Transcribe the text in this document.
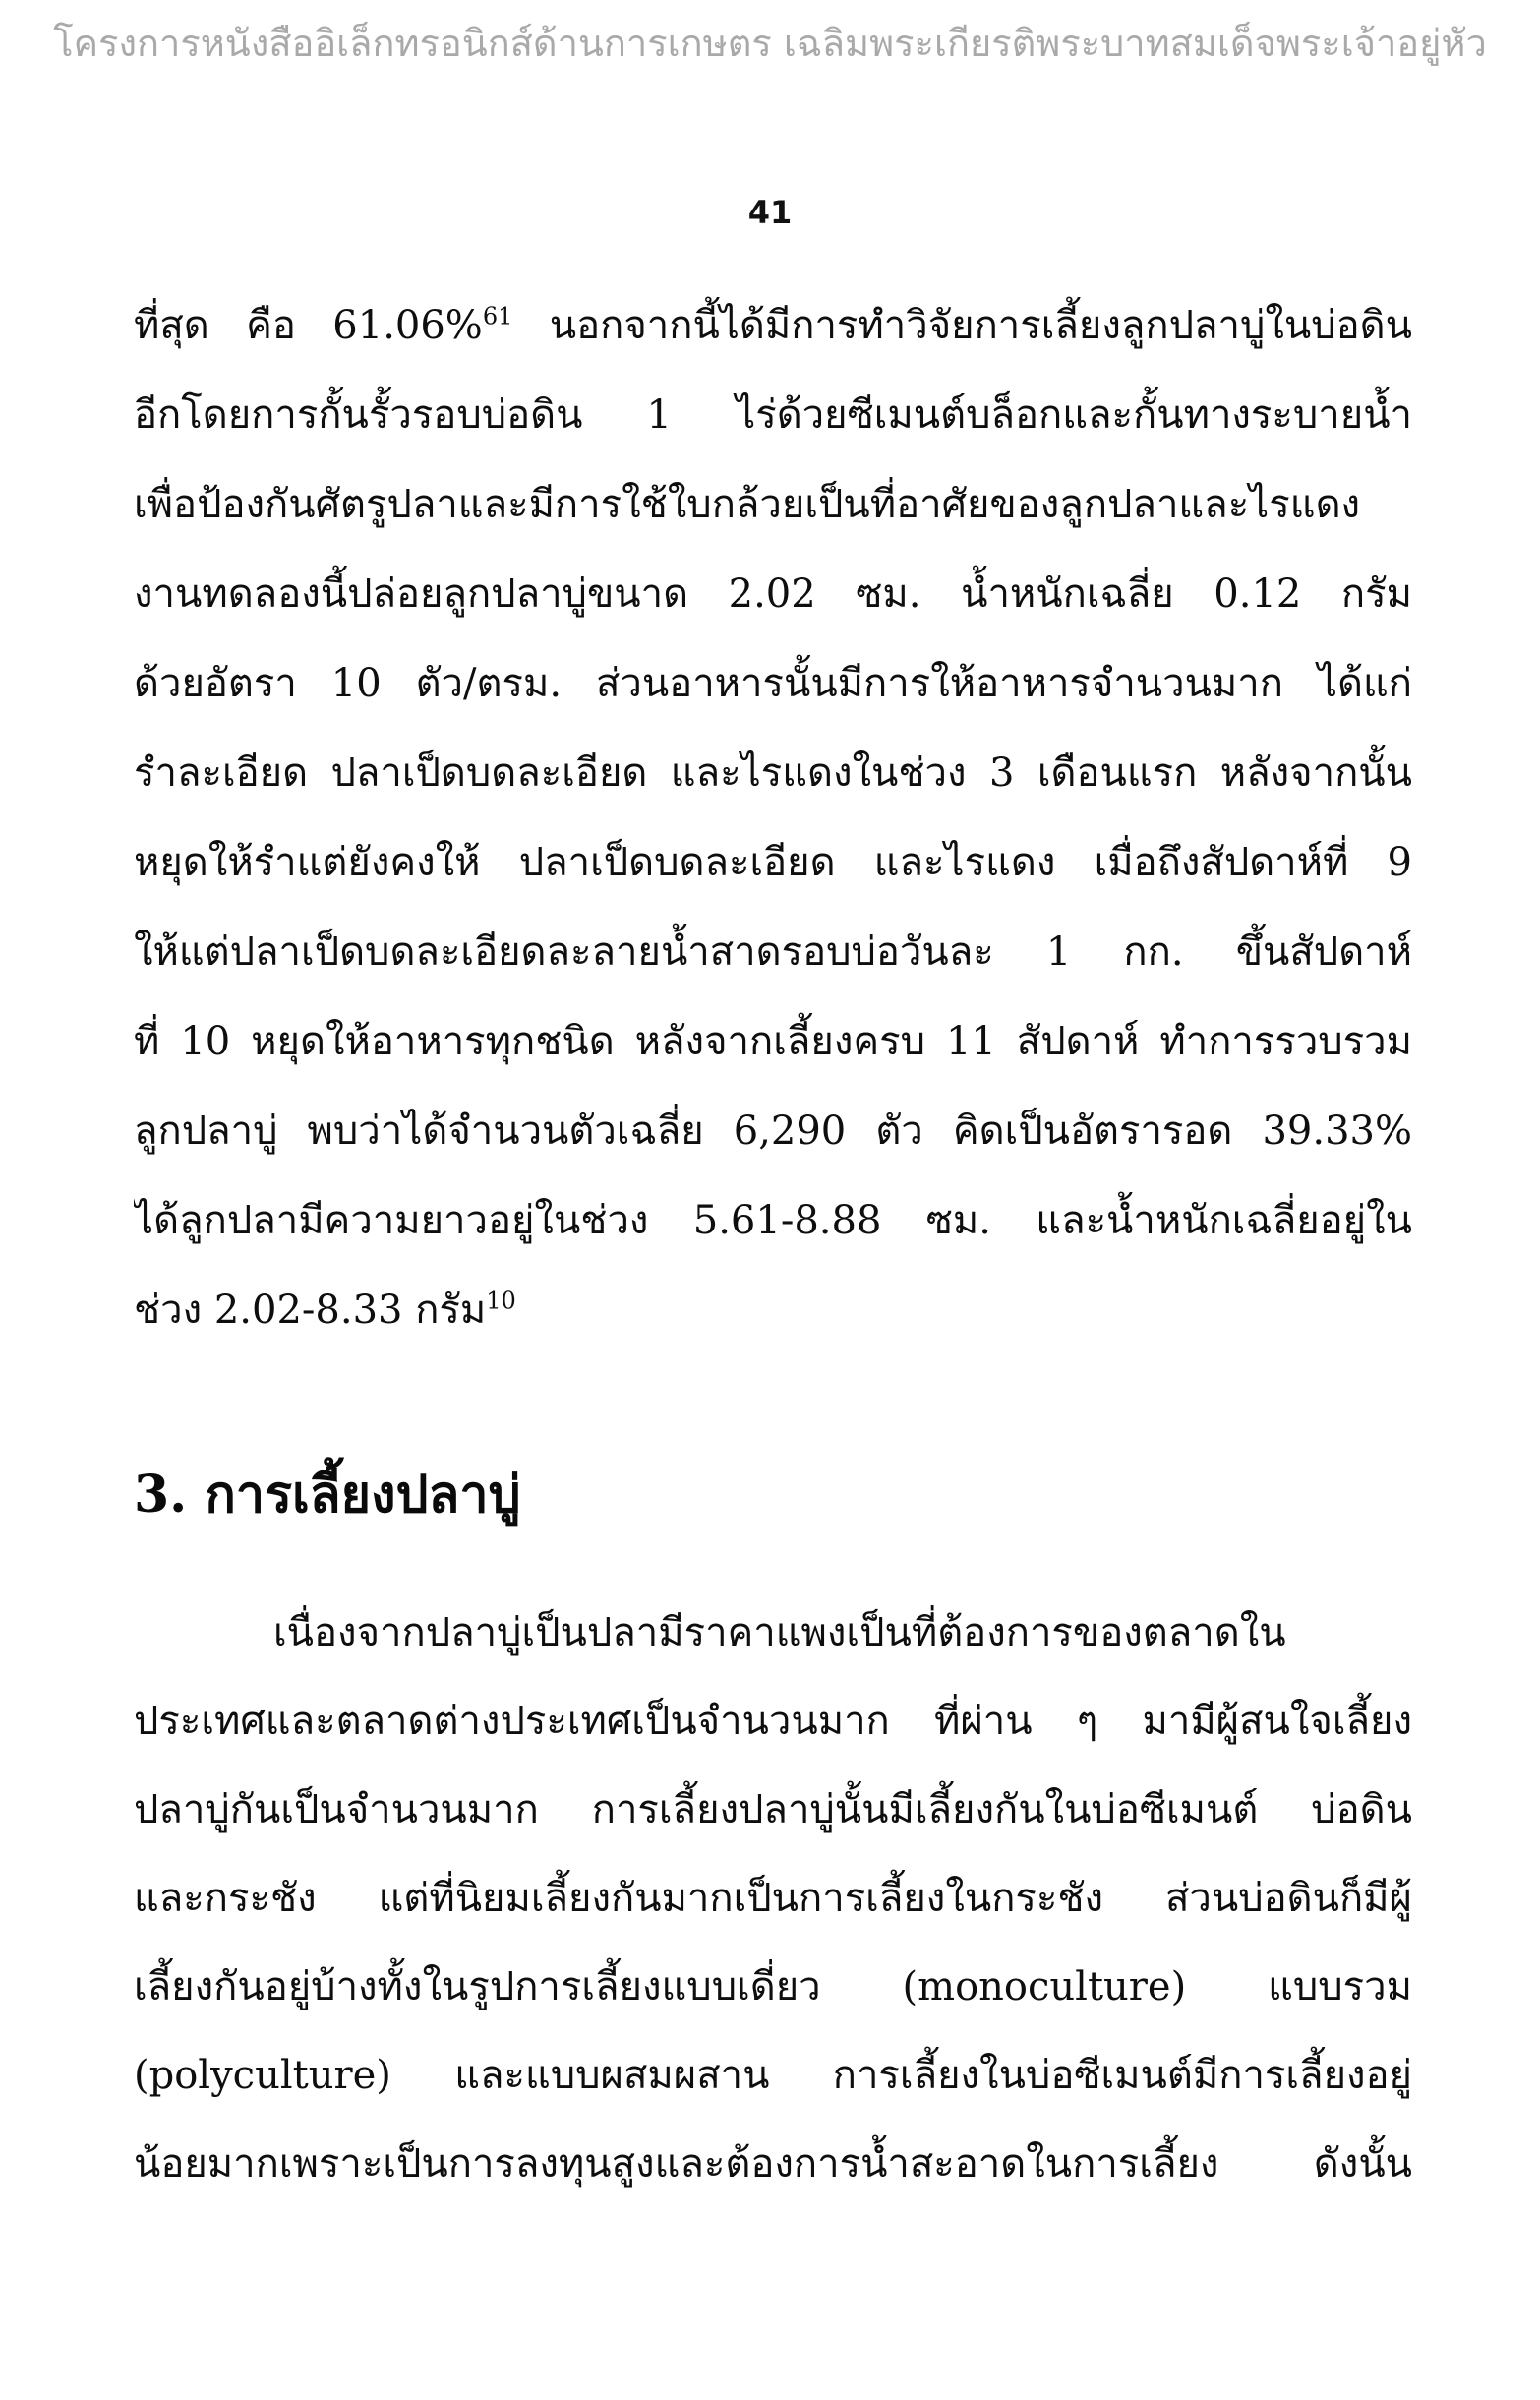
โครงการหนังสืออิเล็กทรอนิกส์ด้านการเกษตร เฉลิมพระเกียรติพระบาทสมเด็จพระเจ้าอยู่หัว
41
ที่สุด คือ 61.06%$^{61}$ นอกจากนี้ได้มีการทำวิจัยการเลี้ยงลูกปลาบู่ในบ่อดิน
อีกโดยการกั้นรั้วรอบบ่อดิน 1 ไร่ด้วยซีเมนต์บล็อกและกั้นทางระบายน้ำ
เพื่อป้องกันศัตรูปลาและมีการใช้ใบกล้วยเป็นที่อาศัยของลูกปลาและไรแดง
งานทดลองนี้ปล่อยลูกปลาบู่ขนาด 2.02 ซม. น้ำหนักเฉลี่ย 0.12 กรัม
ด้วยอัตรา 10 ตัว/ตรม. ส่วนอาหารนั้นมีการให้อาหารจำนวนมาก ได้แก่
รำละเอียด ปลาเป็ดบดละเอียด และไรแดงในช่วง 3 เดือนแรก หลังจากนั้น
หยุดให้รำแต่ยังคงให้ ปลาเป็ดบดละเอียด และไรแดง เมื่อถึงสัปดาห์ที่ 9
ให้แต่ปลาเป็ดบดละเอียดละลายน้ำสาดรอบบ่อวันละ 1 กก. ขึ้นสัปดาห์
ที่ 10 หยุดให้อาหารทุกชนิด หลังจากเลี้ยงครบ 11 สัปดาห์ ทำการรวบรวม
ลูกปลาบู่ พบว่าได้จำนวนตัวเฉลี่ย 6,290 ตัว คิดเป็นอัตรารอด 39.33%
ได้ลูกปลามีความยาวอยู่ในช่วง 5.61-8.88 ซม. และน้ำหนักเฉลี่ยอยู่ใน
ช่วง 2.02-8.33 กรัม$^{10}$
3. การเลี้ยงปลาบู่
เนื่องจากปลาบู่เป็นปลามีราคาแพงเป็นที่ต้องการของตลาดใน
ประเทศและตลาดต่างประเทศเป็นจำนวนมาก ที่ผ่าน ๆ มามีผู้สนใจเลี้ยง
ปลาบู่กันเป็นจำนวนมาก การเลี้ยงปลาบู่นั้นมีเลี้ยงกันในบ่อซีเมนต์ บ่อดิน
และกระชัง แต่ที่นิยมเลี้ยงกันมากเป็นการเลี้ยงในกระชัง ส่วนบ่อดินก็มีผู้
เลี้ยงกันอยู่บ้างทั้งในรูปการเลี้ยงแบบเดี่ยว (monoculture) แบบรวม
(polyculture) และแบบผสมผสาน การเลี้ยงในบ่อซีเมนต์มีการเลี้ยงอยู่
น้อยมากเพราะเป็นการลงทุนสูงและต้องการน้ำสะอาดในการเลี้ยง ดังนั้น
